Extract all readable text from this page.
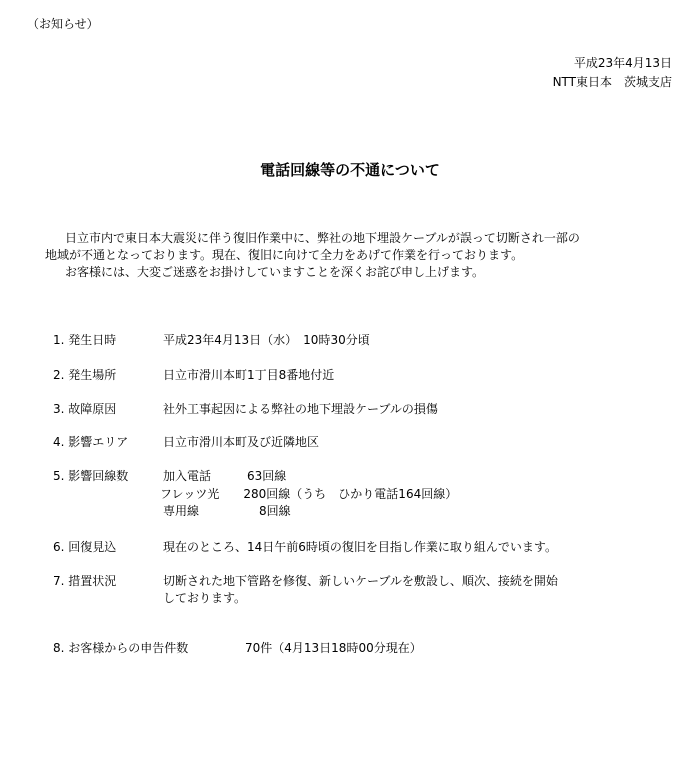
（お知らせ）
平成23年4月13日
NTT東日本　茨城支店
電話回線等の不通について
日立市内で東日本大震災に伴う復旧作業中に、弊社の地下埋設ケーブルが誤って切断され一部の
地域が不通となっております。現在、復旧に向けて全力をあげて作業を行っております。
お客様には、大変ご迷惑をお掛けしていますことを深くお詫び申し上げます。
1. 発生日時	平成23年4月13日（水）　10時30分頃
2. 発生場所	日立市滑川本町1丁目8番地付近
3. 故障原因	社外工事起因による弊社の地下埋設ケーブルの損傷
4. 影響エリア	日立市滑川本町及び近隣地区
5. 影響回線数	加入電話　　　63回線
フレッツ光　　280回線（うち　ひかり電話164回線）
専用線　　　　　8回線
6. 回復見込	現在のところ、14日午前6時頃の復旧を目指し作業に取り組んでいます。
7. 措置状況	切断された地下管路を修復、新しいケーブルを敷設し、順次、接続を開始
しております。
8. お客様からの申告件数	70件（4月13日18時00分現在）
